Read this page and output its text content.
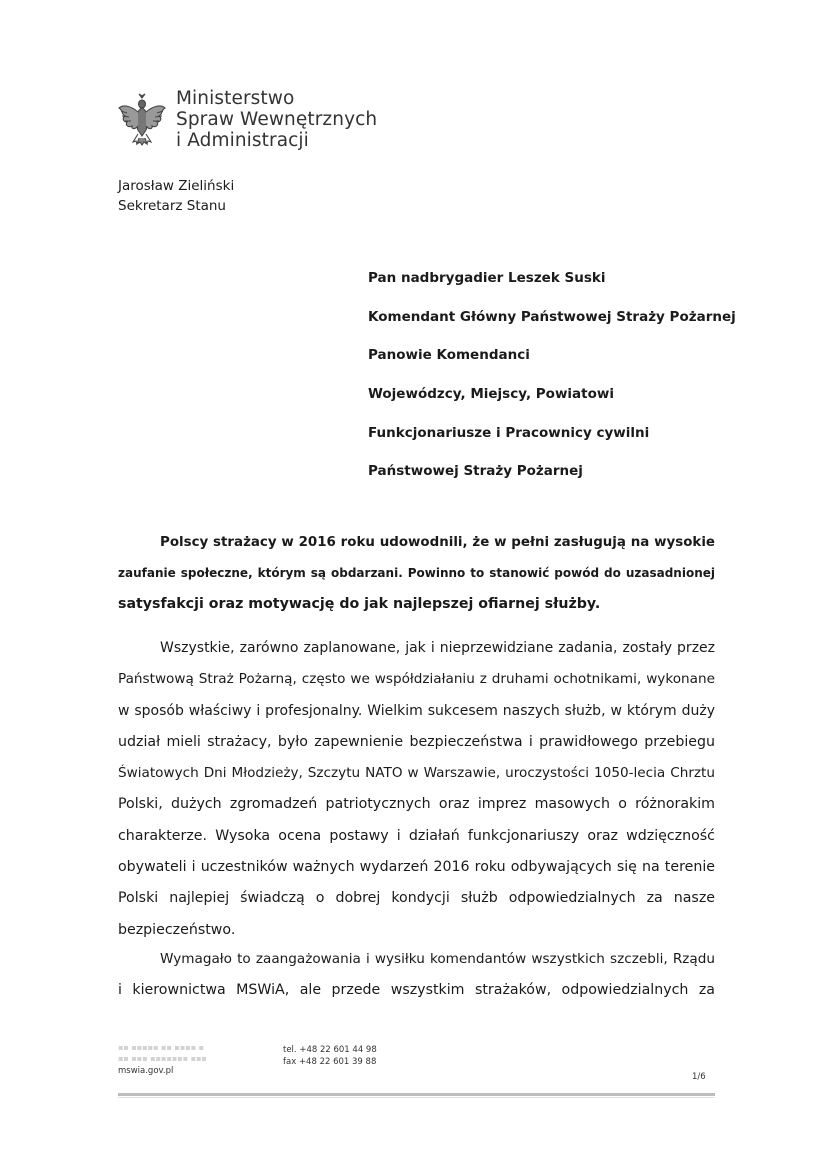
Ministerstwo
Spraw Wewnętrznych
i Administracji
Jarosław Zieliński
Sekretarz Stanu
Pan nadbrygadier Leszek Suski
Komendant Główny Państwowej Straży Pożarnej
Panowie Komendanci
Wojewódzcy, Miejscy, Powiatowi
Funkcjonariusze i Pracownicy cywilni
Państwowej Straży Pożarnej
Polscy strażacy w 2016 roku udowodnili, że w pełni zasługują na wysokie
zaufanie społeczne, którym są obdarzani. Powinno to stanowić powód do uzasadnionej
satysfakcji oraz motywację do jak najlepszej ofiarnej służby.
Wszystkie, zarówno zaplanowane, jak i nieprzewidziane zadania, zostały przez
Państwową Straż Pożarną, często we współdziałaniu z druhami ochotnikami, wykonane
w sposób właściwy i profesjonalny. Wielkim sukcesem naszych służb, w którym duży
udział mieli strażacy, było zapewnienie bezpieczeństwa i prawidłowego przebiegu
Światowych Dni Młodzieży, Szczytu NATO w Warszawie, uroczystości 1050-lecia Chrztu
Polski, dużych zgromadzeń patriotycznych oraz imprez masowych o różnorakim
charakterze. Wysoka ocena postawy i działań funkcjonariuszy oraz wdzięczność
obywateli i uczestników ważnych wydarzeń 2016 roku odbywających się na terenie
Polski najlepiej świadczą o dobrej kondycji służb odpowiedzialnych za nasze
bezpieczeństwo.
Wymagało to zaangażowania i wysiłku komendantów wszystkich szczebli, Rządu
i kierownictwa MSWiA, ale przede wszystkim strażaków, odpowiedzialnych za
▪▪ ▪▪▪▪▪ ▪▪ ▪▪▪▪ ▪
▪▪ ▪▪▪ ▪▪▪▪▪▪▪ ▪▪▪
mswia.gov.pl
tel. +48 22 601 44 98
fax +48 22 601 39 88
1/6
